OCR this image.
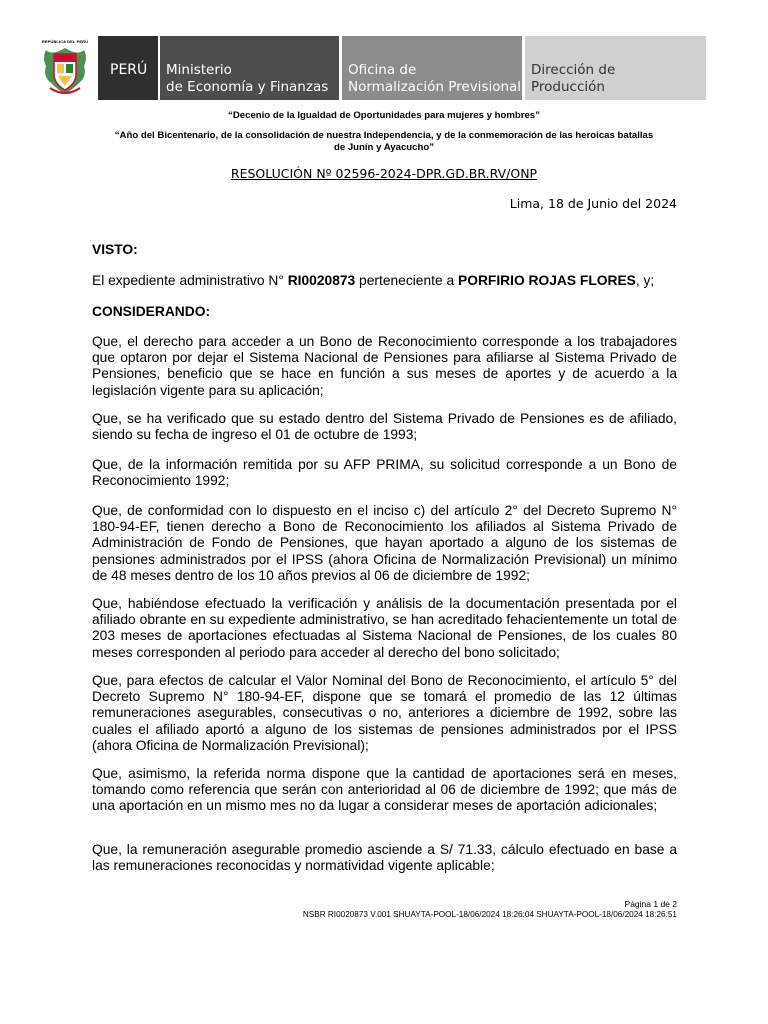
REPÚBLICA DEL PERÚ
PERÚ Ministerio
de Economía y Finanzas
Oficina de
Normalización Previsional
Dirección de
Producción
“Decenio de la Igualdad de Oportunidades para mujeres y hombres”
“Año del Bicentenario, de la consolidación de nuestra Independencia, y de la conmemoración de las heroicas batallas
de Junín y Ayacucho”
RESOLUCIÓN Nº 02596-2024-DPR.GD.BR.RV/ONP
Lima, 18 de Junio del 2024
VISTO:
El expediente administrativo N° RI0020873 perteneciente a PORFIRIO ROJAS FLORES, y;
CONSIDERANDO:
Que, el derecho para acceder a un Bono de Reconocimiento corresponde a los trabajadores que optaron por dejar el Sistema Nacional de Pensiones para afiliarse al Sistema Privado de Pensiones, beneficio que se hace en función a sus meses de aportes y de acuerdo a la legislación vigente para su aplicación;
Que, se ha verificado que su estado dentro del Sistema Privado de Pensiones es de afiliado, siendo su fecha de ingreso el 01 de octubre de 1993;
Que, de la información remitida por su AFP PRIMA, su solicitud corresponde a un Bono de Reconocimiento 1992;
Que, de conformidad con lo dispuesto en el inciso c) del artículo 2° del Decreto Supremo N° 180-94-EF, tienen derecho a Bono de Reconocimiento los afiliados al Sistema Privado de Administración de Fondo de Pensiones, que hayan aportado a alguno de los sistemas de pensiones administrados por el IPSS (ahora Oficina de Normalización Previsional) un mínimo de 48 meses dentro de los 10 años previos al 06 de diciembre de 1992;
Que, habiéndose efectuado la verificación y análisis de la documentación presentada por el afiliado obrante en su expediente administrativo, se han acreditado fehacientemente un total de 203 meses de aportaciones efectuadas al Sistema Nacional de Pensiones, de los cuales 80 meses corresponden al periodo para acceder al derecho del bono solicitado;
Que, para efectos de calcular el Valor Nominal del Bono de Reconocimiento, el artículo 5° del Decreto Supremo N° 180-94-EF, dispone que se tomará el promedio de las 12 últimas remuneraciones asegurables, consecutivas o no, anteriores a diciembre de 1992, sobre las cuales el afiliado aportó a alguno de los sistemas de pensiones administrados por el IPSS (ahora Oficina de Normalización Previsional);
Que, asimismo, la referida norma dispone que la cantidad de aportaciones será en meses, tomando como referencia que serán con anterioridad al 06 de diciembre de 1992; que más de una aportación en un mismo mes no da lugar a considerar meses de aportación adicionales;
Que, la remuneración asegurable promedio asciende a S/ 71.33, cálculo efectuado en base a las remuneraciones reconocidas y normatividad vigente aplicable;
Página 1 de 2
NSBR RI0020873 V.001 SHUAYTA-POOL-18/06/2024 18:26:04 SHUAYTA-POOL-18/06/2024 18:26:51
